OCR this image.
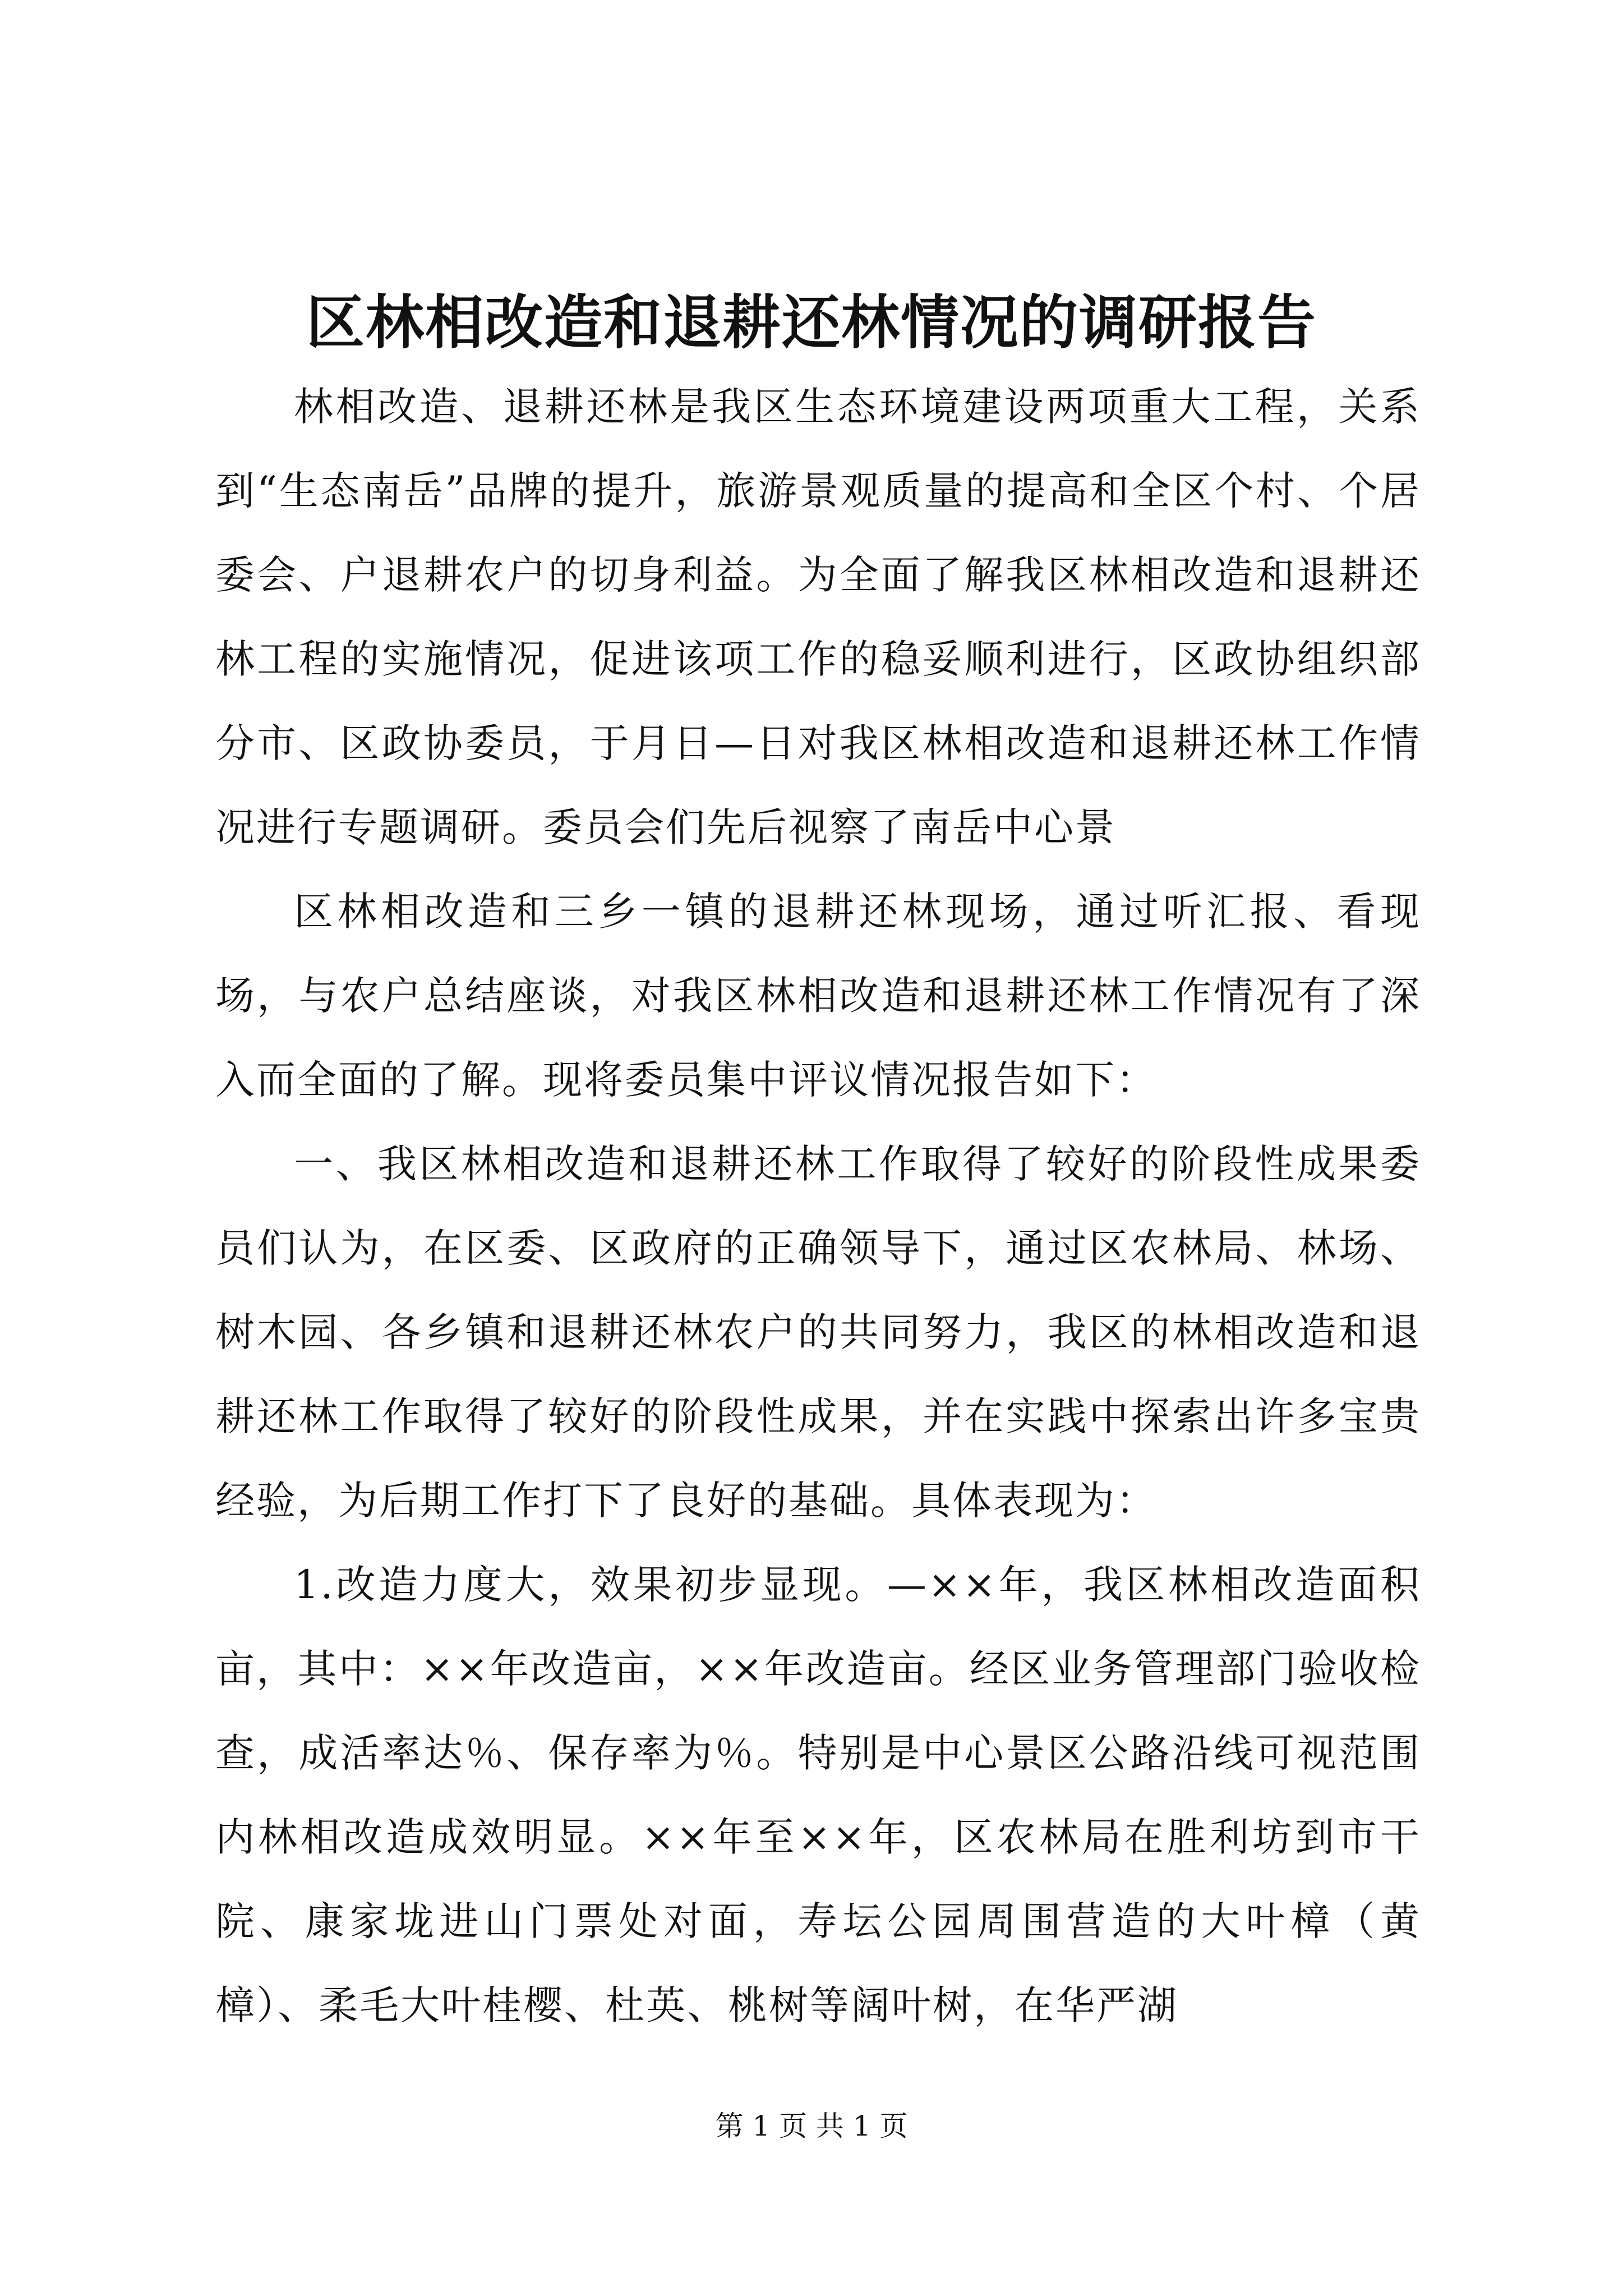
区林相改造和退耕还林情况的调研报告

林相改造、退耕还林是我区生态环境建设两项重大工程，关系到“生态南岳”品牌的提升，旅游景观质量的提高和全区个村、个居委会、户退耕农户的切身利益。为全面了解我区林相改造和退耕还林工程的实施情况，促进该项工作的稳妥顺利进行，区政协组织部分市、区政协委员，于月日—日对我区林相改造和退耕还林工作情况进行专题调研。委员会们先后视察了南岳中心景

区林相改造和三乡一镇的退耕还林现场，通过听汇报、看现场，与农户总结座谈，对我区林相改造和退耕还林工作情况有了深入而全面的了解。现将委员集中评议情况报告如下：

一、我区林相改造和退耕还林工作取得了较好的阶段性成果委员们认为，在区委、区政府的正确领导下，通过区农林局、林场、树木园、各乡镇和退耕还林农户的共同努力，我区的林相改造和退耕还林工作取得了较好的阶段性成果，并在实践中探索出许多宝贵经验，为后期工作打下了良好的基础。具体表现为：

1.改造力度大，效果初步显现。—××年，我区林相改造面积亩，其中：××年改造亩，××年改造亩。经区业务管理部门验收检查，成活率达％、保存率为％。特别是中心景区公路沿线可视范围内林相改造成效明显。××年至××年，区农林局在胜利坊到市干院、康家垅进山门票处对面，寿坛公园周围营造的大叶樟（黄樟）、柔毛大叶桂樱、杜英、桃树等阔叶树，在华严湖

第 1 页 共 1 页
